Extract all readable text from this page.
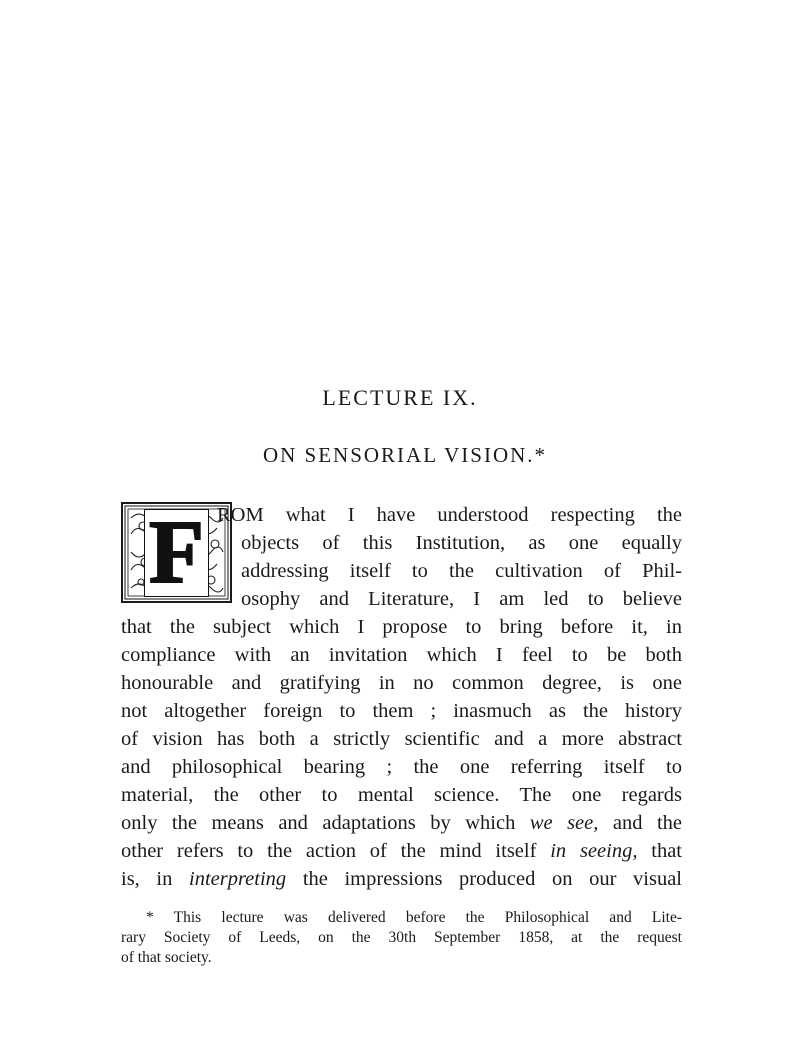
LECTURE IX.
ON SENSORIAL VISION.*
F ROM what I have understood respecting the
objects of this Institution, as one equally
addressing itself to the cultivation of Phil-
osophy and Literature, I am led to believe
that the subject which I propose to bring before it, in
compliance with an invitation which I feel to be both
honourable and gratifying in no common degree, is one
not altogether foreign to them ; inasmuch as the history
of vision has both a strictly scientific and a more abstract
and philosophical bearing ; the one referring itself to
material, the other to mental science. The one regards
only the means and adaptations by which we see, and the
other refers to the action of the mind itself in seeing, that
is, in interpreting the impressions produced on our visual
* This lecture was delivered before the Philosophical and Lite-
rary Society of Leeds, on the 30th September 1858, at the request
of that society.
